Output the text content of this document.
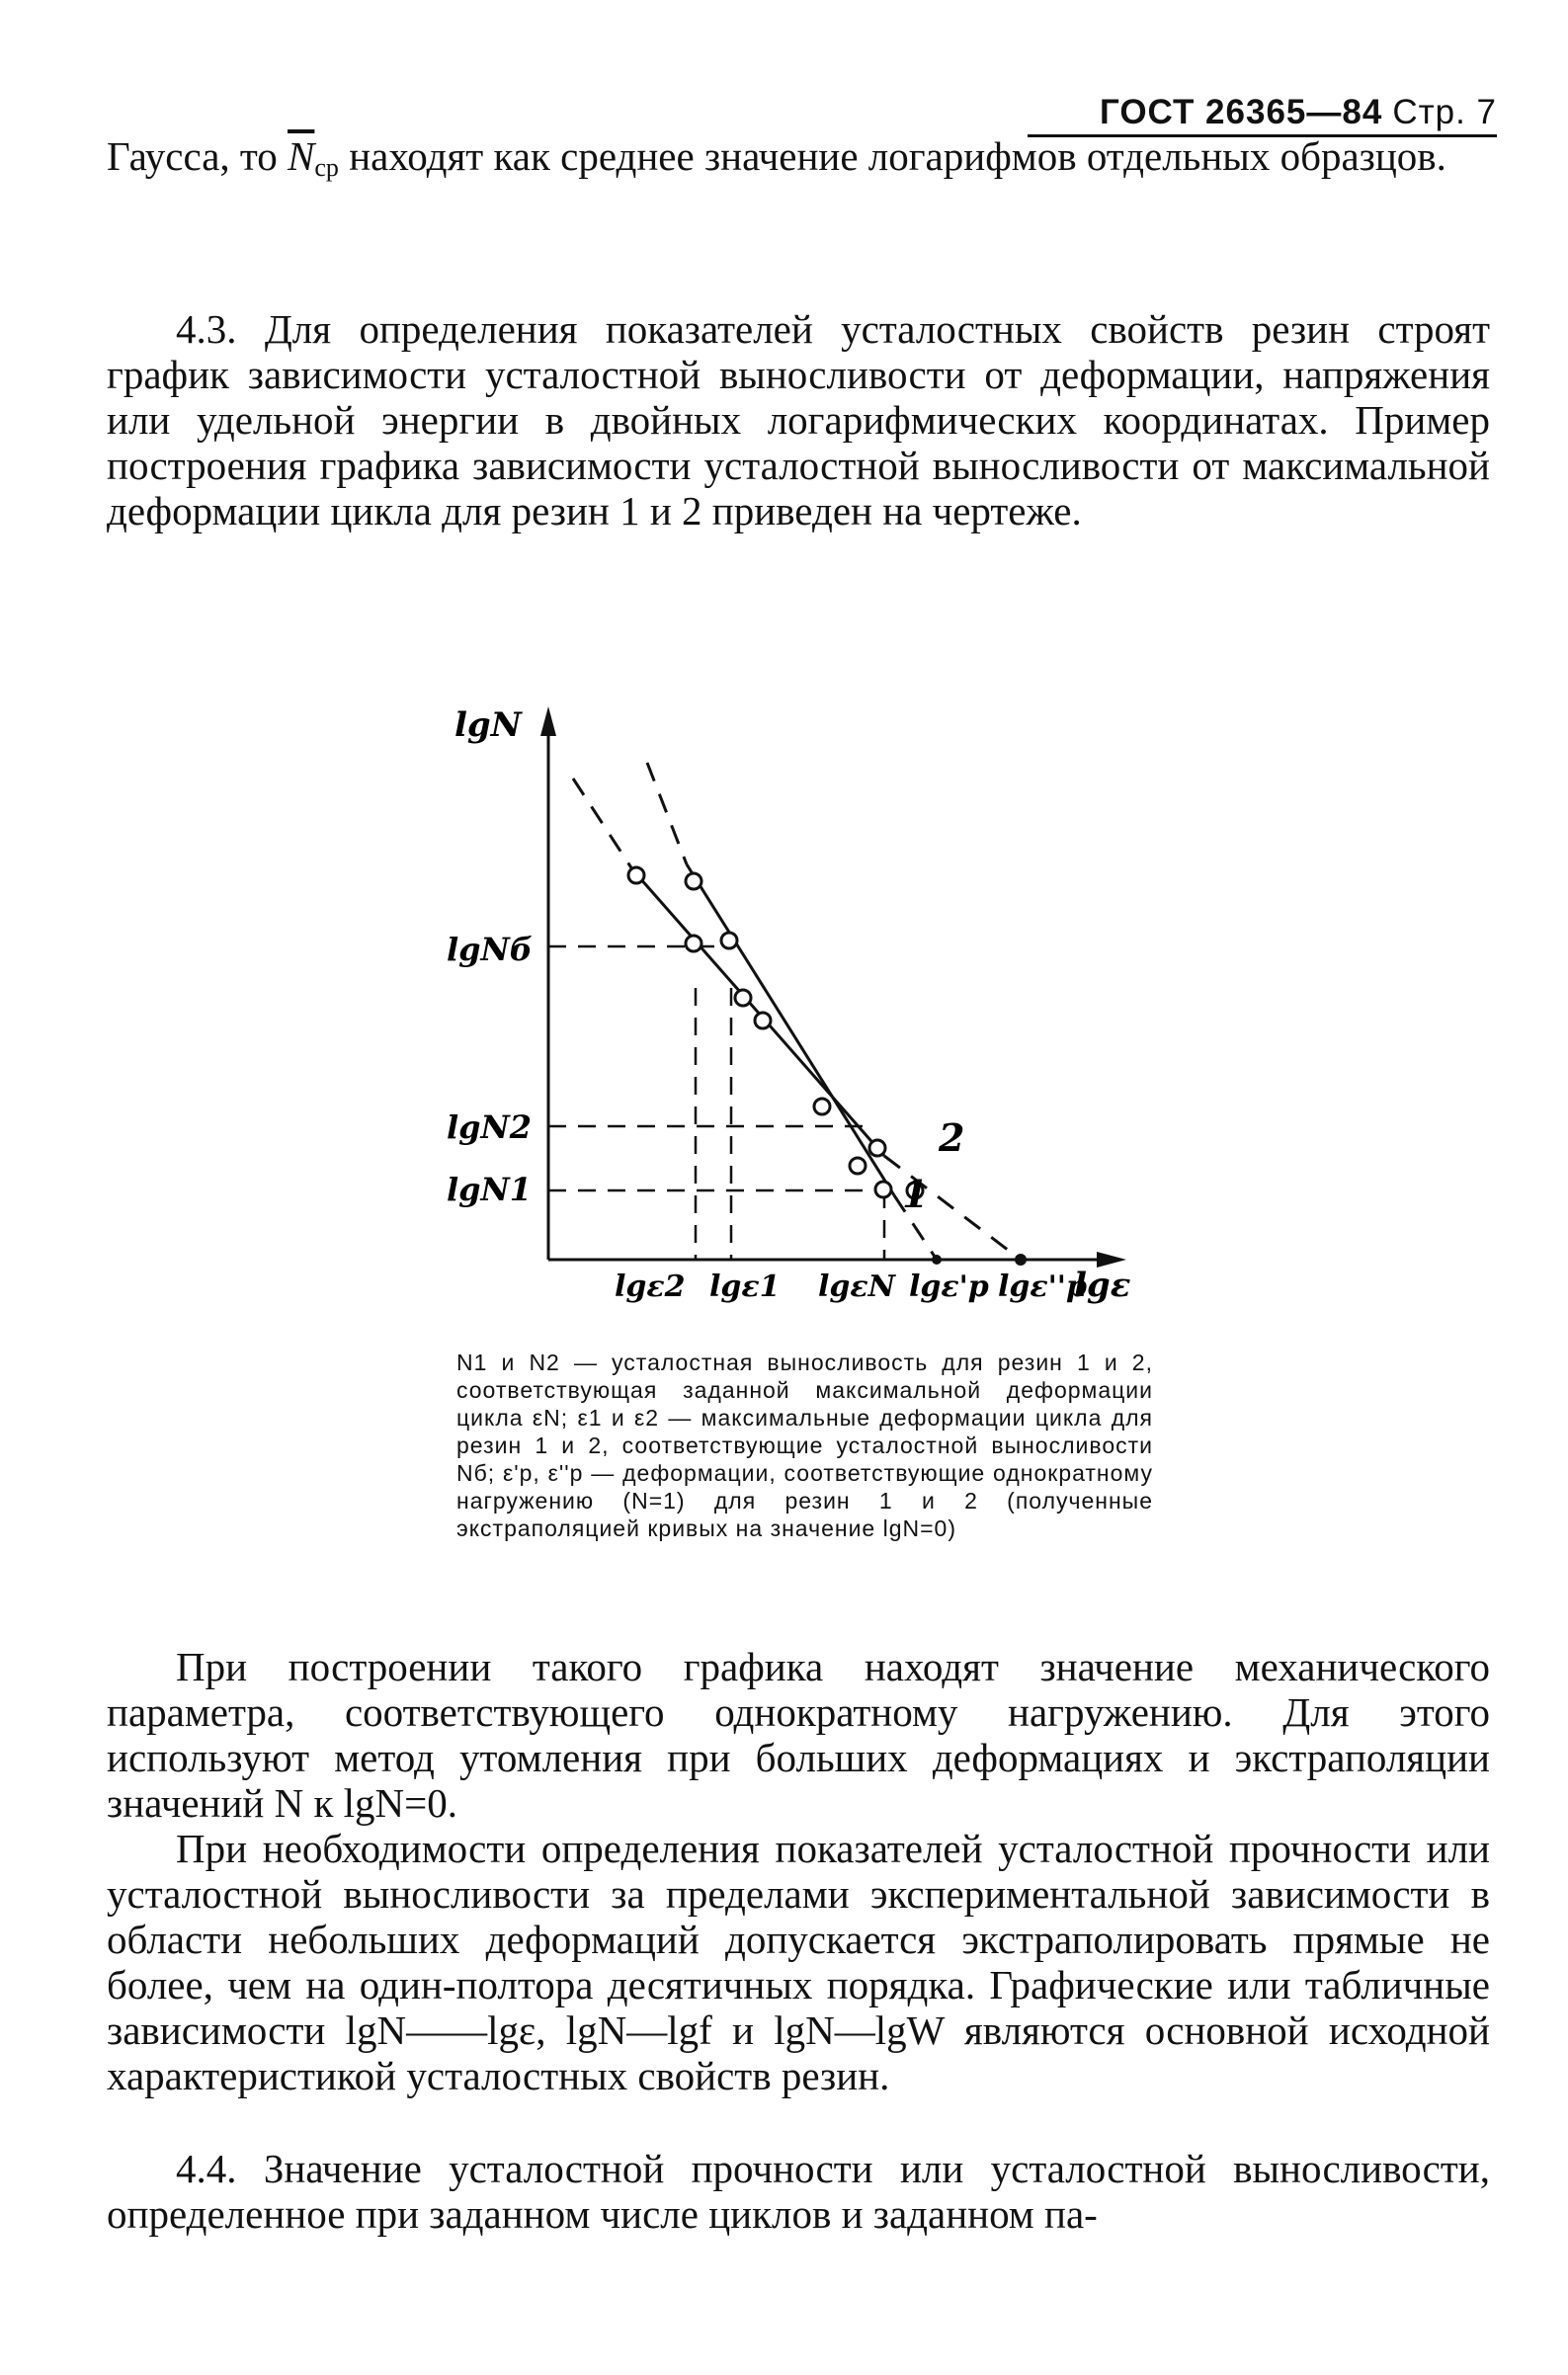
ГОСТ 26365—84 Стр. 7
Гаусса, то $\overline{N}_{ср}$ находят как среднее значение логарифмов отдельных образцов.
4.3. Для определения показателей усталостных свойств резин строят график зависимости усталостной выносливости от деформации, напряжения или удельной энергии в двойных логарифмических координатах. Пример построения графика зависимости усталостной выносливости от максимальной деформации цикла для резин 1 и 2 приведен на чертеже.
lgN
lgε
2
1
lgNб
lgN2
lgN1
lgε2 lgε1 lgεN lgε'p lgε''p
N1 и N2 — усталостная выносливость для резин 1 и 2, соответствующая заданной максимальной деформации цикла εN; ε1 и ε2 — максимальные деформации цикла для резин 1 и 2, соответствующие усталостной выносливости Nб; ε'p, ε''p — деформации, соответствующие однократному нагружению (N=1) для резин 1 и 2 (полученные экстраполяцией кривых на значение lgN=0)
При построении такого графика находят значение механического параметра, соответствующего однократному нагружению. Для этого используют метод утомления при больших деформациях и экстраполяции значений N к lgN=0.
При необходимости определения показателей усталостной прочности или усталостной выносливости за пределами экспериментальной зависимости в области небольших деформаций допускается экстраполировать прямые не более, чем на один-полтора десятичных порядка. Графические или табличные зависимости lgN——lgε, lgN—lgf и lgN—lgW являются основной исходной характеристикой усталостных свойств резин.
4.4. Значение усталостной прочности или усталостной выносливости, определенное при заданном числе циклов и заданном па-
